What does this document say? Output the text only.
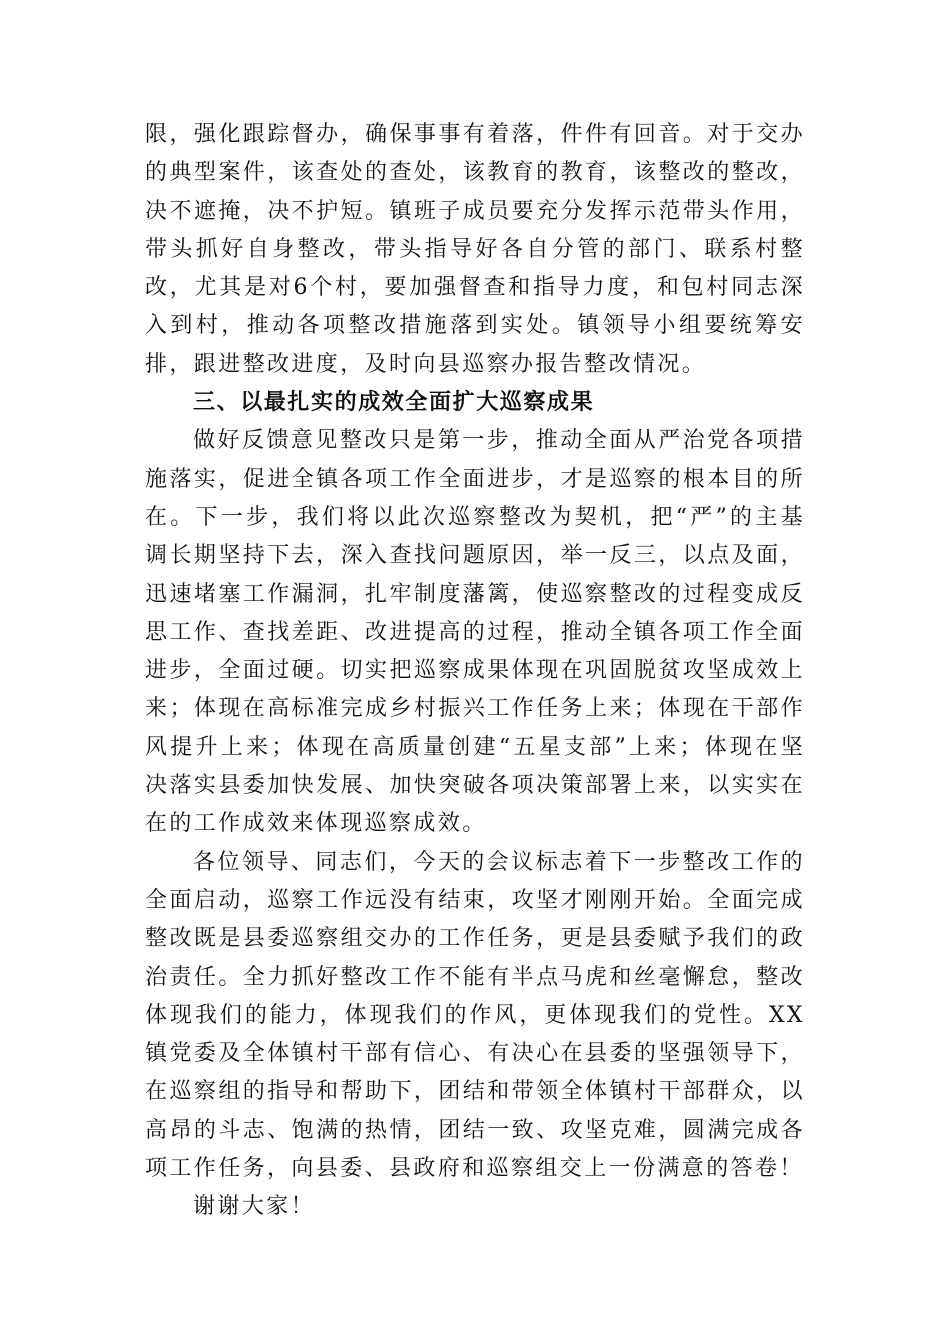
限，强化跟踪督办，确保事事有着落，件件有回音。对于交办的典型案件，该查处的查处，该教育的教育，该整改的整改，决不遮掩，决不护短。镇班子成员要充分发挥示范带头作用，带头抓好自身整改，带头指导好各自分管的部门、联系村整改，尤其是对6个村，要加强督查和指导力度，和包村同志深入到村，推动各项整改措施落到实处。镇领导小组要统筹安排，跟进整改进度，及时向县巡察办报告整改情况。

三、以最扎实的成效全面扩大巡察成果

做好反馈意见整改只是第一步，推动全面从严治党各项措施落实，促进全镇各项工作全面进步，才是巡察的根本目的所在。下一步，我们将以此次巡察整改为契机，把“严”的主基调长期坚持下去，深入查找问题原因，举一反三，以点及面，迅速堵塞工作漏洞，扎牢制度藩篱，使巡察整改的过程变成反思工作、查找差距、改进提高的过程，推动全镇各项工作全面进步，全面过硬。切实把巡察成果体现在巩固脱贫攻坚成效上来；体现在高标准完成乡村振兴工作任务上来；体现在干部作风提升上来；体现在高质量创建“五星支部”上来；体现在坚决落实县委加快发展、加快突破各项决策部署上来，以实实在在的工作成效来体现巡察成效。

各位领导、同志们，今天的会议标志着下一步整改工作的全面启动，巡察工作远没有结束，攻坚才刚刚开始。全面完成整改既是县委巡察组交办的工作任务，更是县委赋予我们的政治责任。全力抓好整改工作不能有半点马虎和丝毫懈怠，整改体现我们的能力，体现我们的作风，更体现我们的党性。XX镇党委及全体镇村干部有信心、有决心在县委的坚强领导下，在巡察组的指导和帮助下，团结和带领全体镇村干部群众，以高昂的斗志、饱满的热情，团结一致、攻坚克难，圆满完成各项工作任务，向县委、县政府和巡察组交上一份满意的答卷！

谢谢大家！
